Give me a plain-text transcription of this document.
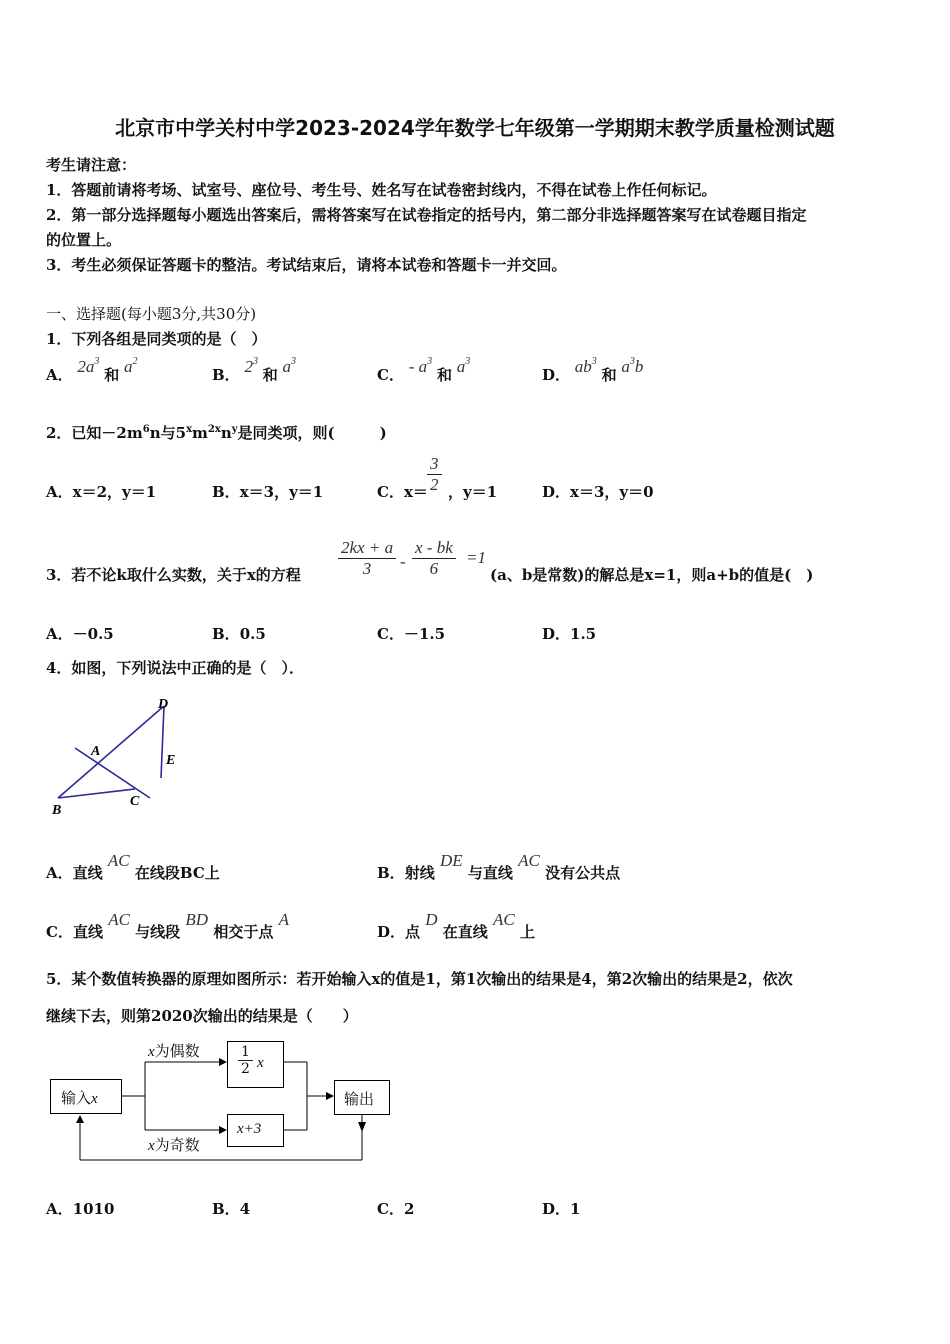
北京市中学关村中学2023-2024学年数学七年级第一学期期末教学质量检测试题
考生请注意：
1．答题前请将考场、试室号、座位号、考生号、姓名写在试卷密封线内，不得在试卷上作任何标记。
2．第一部分选择题每小题选出答案后，需将答案写在试卷指定的括号内，第二部分非选择题答案写在试卷题目指定
的位置上。
3．考生必须保证答题卡的整洁。考试结束后，请将本试卷和答题卡一并交回。
一、选择题(每小题3分,共30分)
1．下列各组是同类项的是（　）
A． $2a^3$ 和 $a^2$
B． $2^3$ 和 $a^3$
C． - $a^3$ 和 $a^3$
D． $ab^3$ 和 $a^3b$
2．已知$-2m^6n$与$5^xm^{2x}n^y$是同类项，则(　　　)
A．x＝2，y＝1	B．x＝3，y＝1	C．$x= \frac{3}{2}$ ，y＝1	D．x＝3，y＝0
3．若不论k取什么实数，关于x的方程 $\frac{2kx + a}{3} - \frac{x - bk}{6} =1$
(a、b是常数)的解总是x=1，则a+b的值是(　)
A．－0.5	B．0.5	C．－1.5	D．1.5
4．如图，下列说法中正确的是（　）．
D
A
E
B
C
A．直线 AC 在线段BC上	B．射线 DE 与直线 AC 没有公共点
C．直线 AC 与线段 BD 相交于点 A
D．点 D 在直线 AC 上
5．某个数值转换器的原理如图所示：若开始输入x的值是1，第1次输出的结果是4，第2次输出的结果是2，依次
继续下去，则第2020次输出的结果是（　　）
输入x
x为偶数
x为奇数
$\frac{1}{2}$ x
x+3
输出
A．1010	B．4	C．2	D．1
